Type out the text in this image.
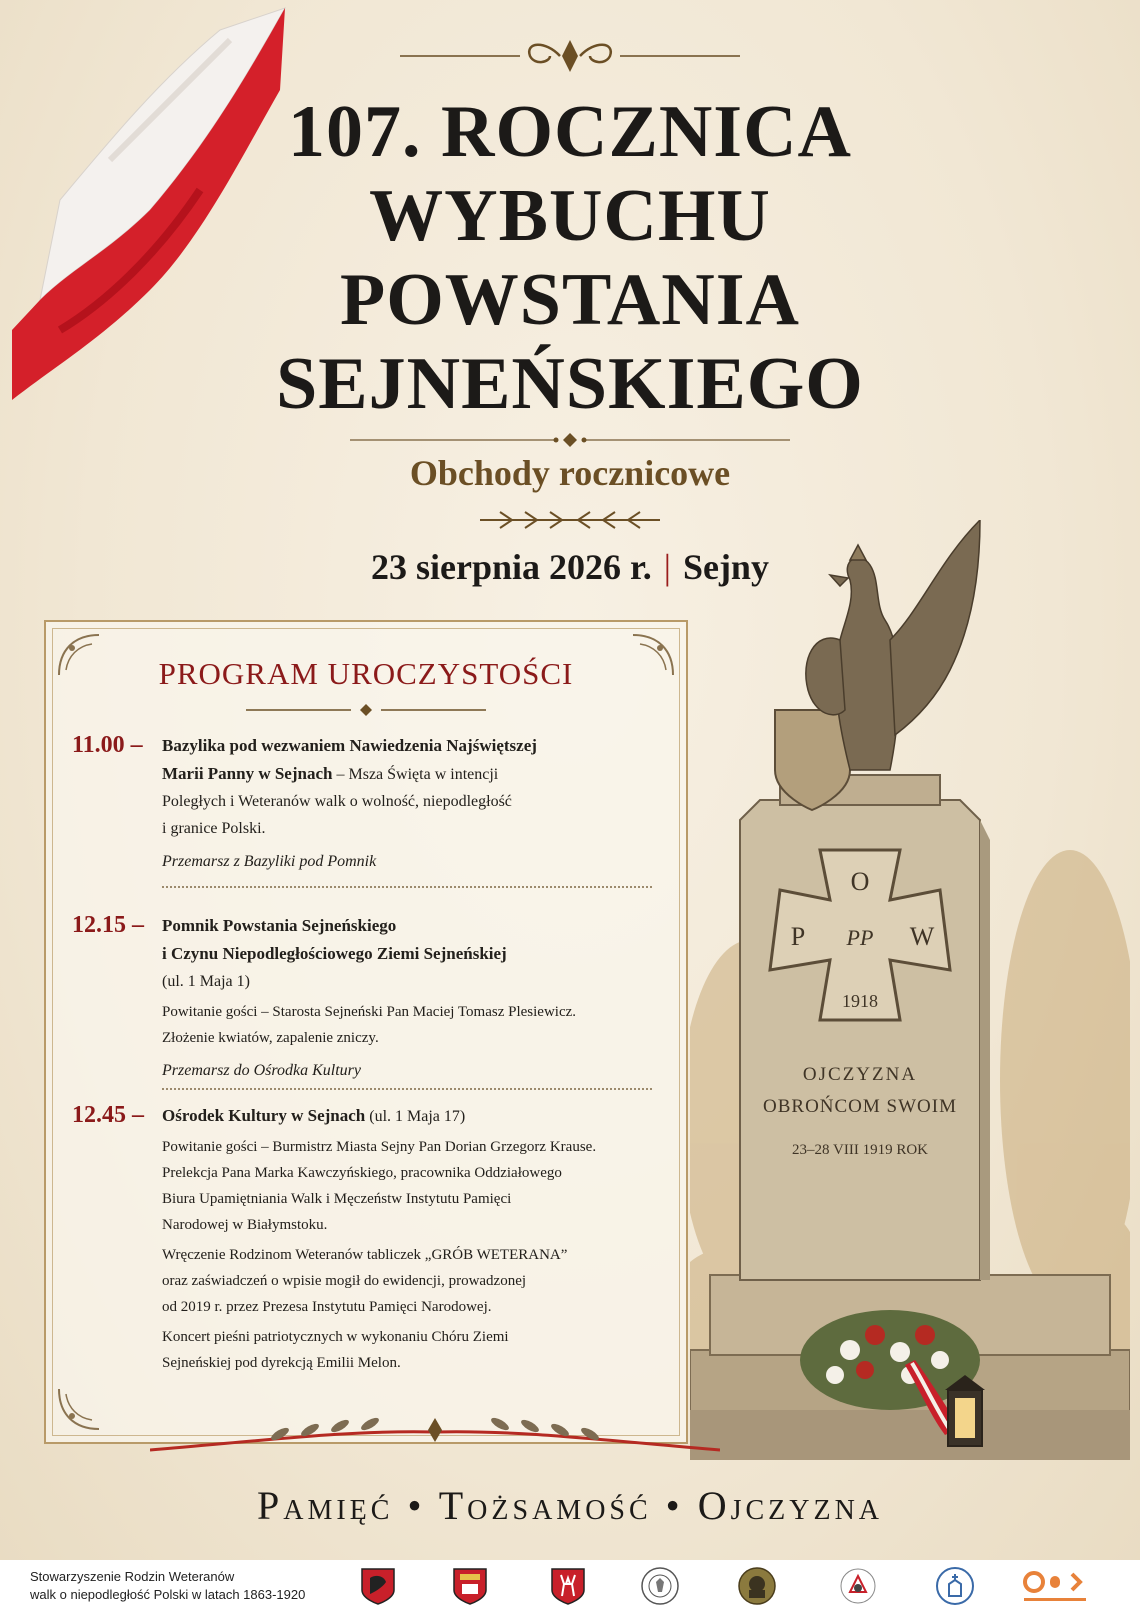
107. ROCZNICA
WYBUCHU
POWSTANIA
SEJNEŃSKIEGO
Obchody rocznicowe
23 sierpnia 2026 r. | Sejny
PROGRAM UROCZYSTOŚCI
11.00 – Bazylika pod wezwaniem Nawiedzenia Najświętszej
Marii Panny w Sejnach – Msza Święta w intencji
Poległych i Weteranów walk o wolność, niepodległość
i granice Polski.
Przemarsz z Bazyliki pod Pomnik
12.15 – Pomnik Powstania Sejneńskiego
i Czynu Niepodległościowego Ziemi Sejneńskiej
(ul. 1 Maja 1)
Powitanie gości – Starosta Sejneński Pan Maciej Tomasz Plesiewicz.
Złożenie kwiatów, zapalenie zniczy.
Przemarsz do Ośrodka Kultury
12.45 – Ośrodek Kultury w Sejnach (ul. 1 Maja 17)
Powitanie gości – Burmistrz Miasta Sejny Pan Dorian Grzegorz Krause.
Prelekcja Pana Marka Kawczyńskiego, pracownika Oddziałowego
Biura Upamiętniania Walk i Męczeństw Instytutu Pamięci
Narodowej w Białymstoku.
Wręczenie Rodzinom Weteranów tabliczek „GRÓB WETERANA”
oraz zaświadczeń o wpisie mogił do ewidencji, prowadzonej
od 2019 r. przez Prezesa Instytutu Pamięci Narodowej.
Koncert pieśni patriotycznych w wykonaniu Chóru Ziemi
Sejneńskiej pod dyrekcją Emilii Melon.
O
P	W
PP
1918
OJCZYZNA
OBROŃCOM SWOIM
23–28 VIII 1919 ROK
Pamięć • Tożsamość • Ojczyzna
Stowarzyszenie Rodzin Weteranów
walk o niepodległość Polski w latach 1863-1920
